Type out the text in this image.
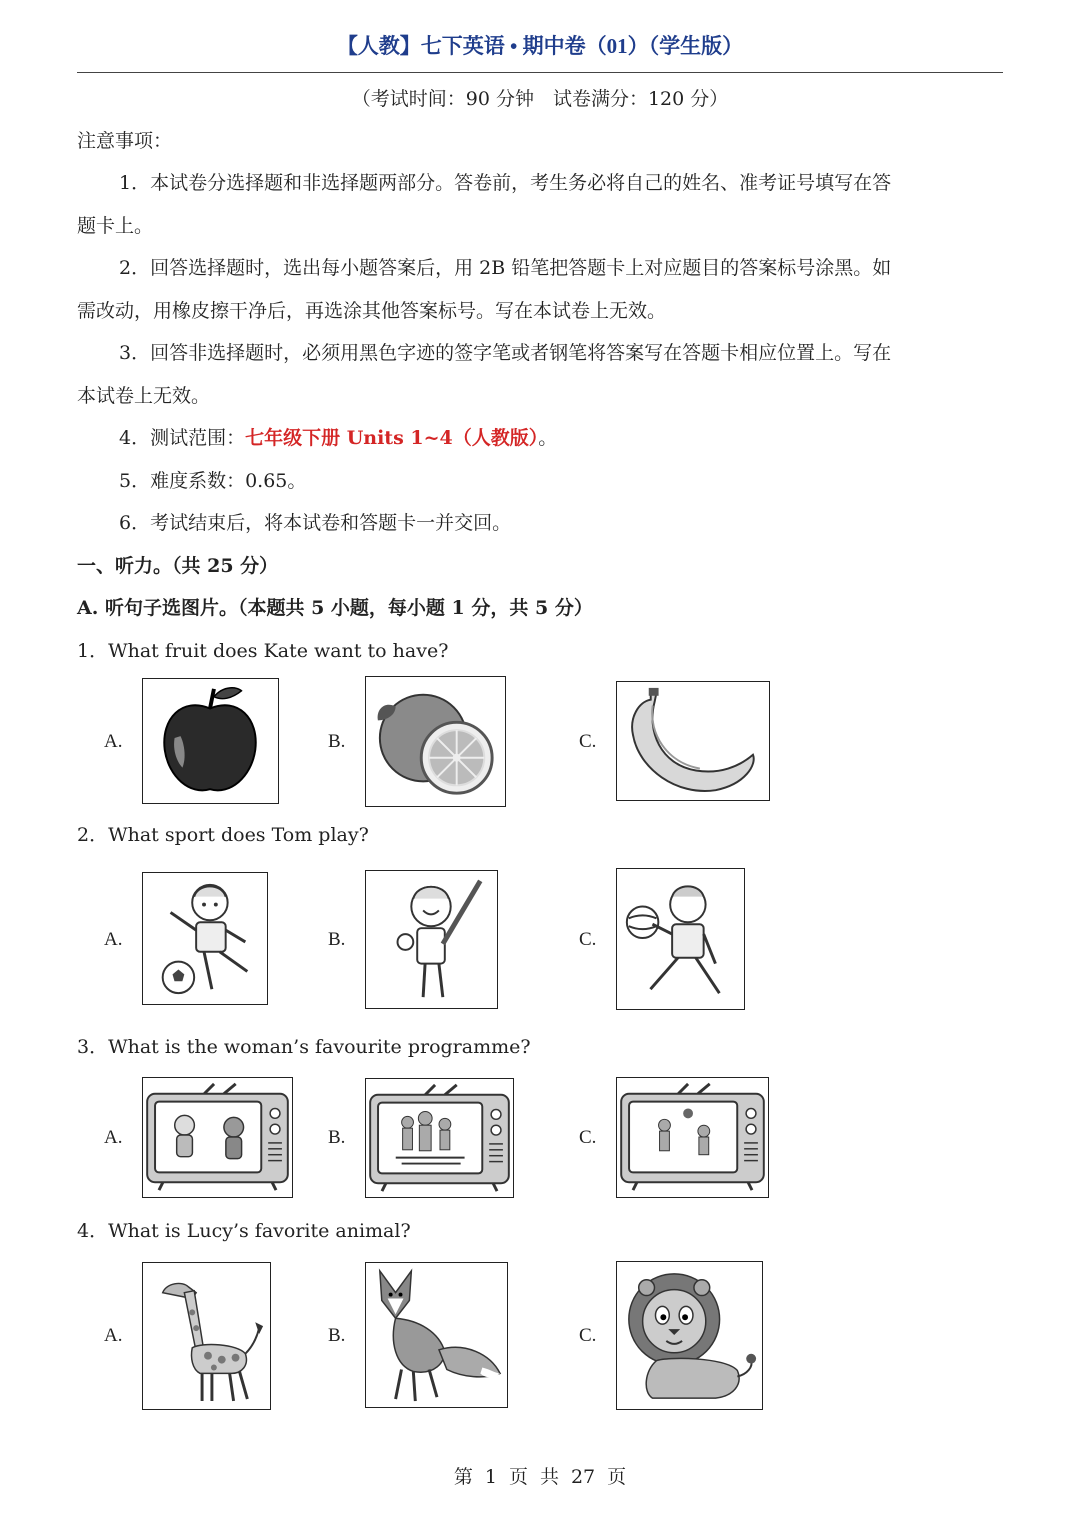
【人教】七下英语 • 期中卷（01）（学生版）
（考试时间：90 分钟　试卷满分：120 分）
注意事项：
1．本试卷分选择题和非选择题两部分。答卷前，考生务必将自己的姓名、准考证号填写在答
题卡上。
2．回答选择题时，选出每小题答案后，用 2B 铅笔把答题卡上对应题目的答案标号涂黑。如
需改动，用橡皮擦干净后，再选涂其他答案标号。写在本试卷上无效。
3．回答非选择题时，必须用黑色字迹的签字笔或者钢笔将答案写在答题卡相应位置上。写在
本试卷上无效。
4．测试范围：七年级下册 Units 1~4（人教版）。
5．难度系数：0.65。
6．考试结束后，将本试卷和答题卡一并交回。
一、听力。（共 25 分）
A. 听句子选图片。（本题共 5 小题，每小题 1 分，共 5 分）
1．What fruit does Kate want to have?
A.	B.	C.
2．What sport does Tom play?
A.	B.	C.
3．What is the woman’s favourite programme?
A.	B.	C.
4．What is Lucy’s favorite animal?
A.	B.	C.
第 1 页 共 27 页
